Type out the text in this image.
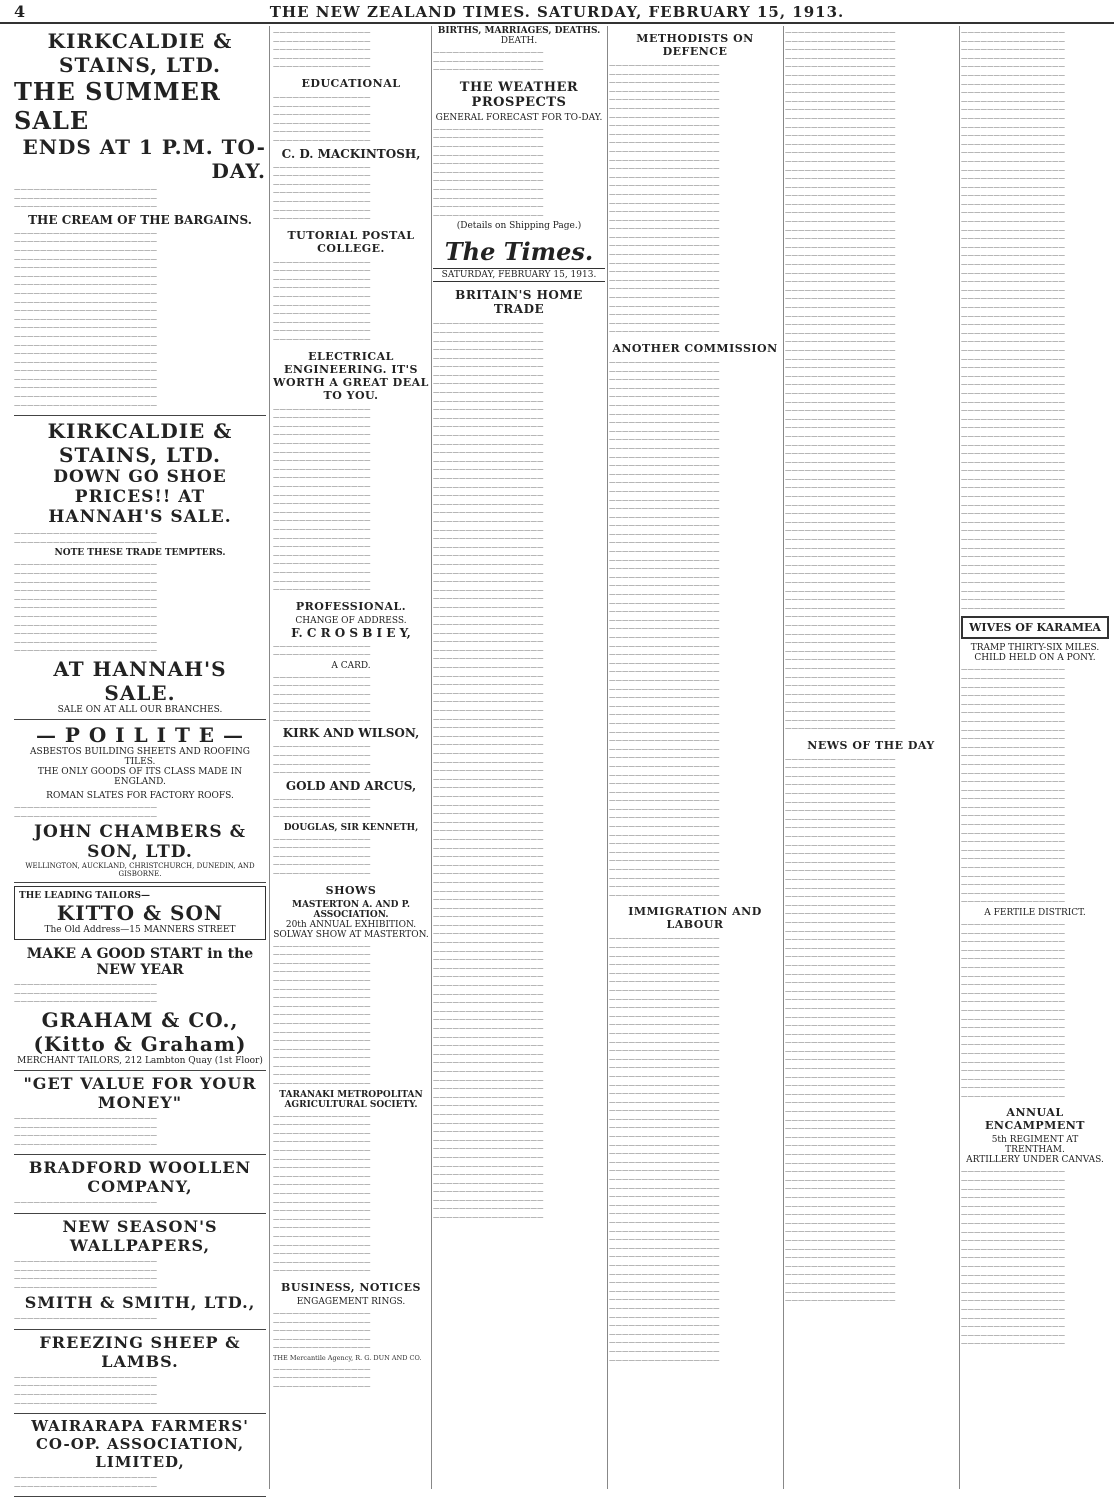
4	THE NEW ZEALAND TIMES. SATURDAY, FEBRUARY 15, 1913.
KIRKCALDIE & STAINS, LTD.
THE SUMMER SALE
ENDS AT 1 P.M. TO-DAY.
——————————————————————
——————————————————————
——————————————————————
THE CREAM OF THE BARGAINS.
——————————————————————
——————————————————————
——————————————————————
——————————————————————
——————————————————————
——————————————————————
——————————————————————
——————————————————————
——————————————————————
——————————————————————
——————————————————————
——————————————————————
——————————————————————
——————————————————————
——————————————————————
——————————————————————
——————————————————————
——————————————————————
——————————————————————
——————————————————————
——————————————————————
KIRKCALDIE & STAINS, LTD.
DOWN GO SHOE PRICES!! AT HANNAH'S SALE.
——————————————————————
——————————————————————
NOTE THESE TRADE TEMPTERS.
——————————————————————
——————————————————————
——————————————————————
——————————————————————
——————————————————————
——————————————————————
——————————————————————
——————————————————————
——————————————————————
——————————————————————
——————————————————————
AT HANNAH'S SALE.
SALE ON AT ALL OUR BRANCHES.
— P O I L I T E —
ASBESTOS BUILDING SHEETS AND ROOFING TILES.
THE ONLY GOODS OF ITS CLASS MADE IN ENGLAND.
ROMAN SLATES FOR FACTORY ROOFS.
——————————————————————
——————————————————————
JOHN CHAMBERS & SON, LTD.
WELLINGTON, AUCKLAND, CHRISTCHURCH, DUNEDIN, AND GISBORNE.
THE LEADING TAILORS—
KITTO & SON
The Old Address—15 MANNERS STREET
MAKE A GOOD START in the NEW YEAR
——————————————————————
——————————————————————
——————————————————————
GRAHAM & CO., (Kitto & Graham)
MERCHANT TAILORS, 212 Lambton Quay (1st Floor)
"GET VALUE FOR YOUR MONEY"
——————————————————————
——————————————————————
——————————————————————
——————————————————————
BRADFORD WOOLLEN COMPANY,
——————————————————————
NEW SEASON'S WALLPAPERS,
——————————————————————
——————————————————————
——————————————————————
——————————————————————
SMITH & SMITH, LTD.,
——————————————————————
FREEZING SHEEP & LAMBS.
——————————————————————
——————————————————————
——————————————————————
——————————————————————
WAIRARAPA FARMERS' CO-OP. ASSOCIATION, LIMITED,
——————————————————————
——————————————————————
———————————————
———————————————
———————————————
———————————————
———————————————
EDUCATIONAL
———————————————
———————————————
———————————————
———————————————
———————————————
———————————————
C. D. MACKINTOSH,
———————————————
———————————————
———————————————
———————————————
———————————————
———————————————
———————————————
TUTORIAL POSTAL COLLEGE.
———————————————
———————————————
———————————————
———————————————
———————————————
———————————————
———————————————
———————————————
———————————————
———————————————
ELECTRICAL ENGINEERING. IT'S WORTH A GREAT DEAL TO YOU.
———————————————
———————————————
———————————————
———————————————
———————————————
———————————————
———————————————
———————————————
———————————————
———————————————
———————————————
———————————————
———————————————
———————————————
———————————————
———————————————
———————————————
———————————————
———————————————
———————————————
———————————————
———————————————
PROFESSIONAL.
CHANGE OF ADDRESS.
F. C R O S B I E Y,
———————————————
———————————————
A CARD.
———————————————
———————————————
———————————————
———————————————
———————————————
———————————————
KIRK AND WILSON,
———————————————
———————————————
———————————————
———————————————
GOLD AND ARCUS,
———————————————
———————————————
———————————————
DOUGLAS, SIR KENNETH,
———————————————
———————————————
———————————————
———————————————
———————————————
SHOWS
MASTERTON A. AND P. ASSOCIATION.
20th ANNUAL EXHIBITION.
SOLWAY SHOW AT MASTERTON.
———————————————
———————————————
———————————————
———————————————
———————————————
———————————————
———————————————
———————————————
———————————————
———————————————
———————————————
———————————————
———————————————
———————————————
———————————————
———————————————
———————————————
TARANAKI METROPOLITAN AGRICULTURAL SOCIETY.
———————————————
———————————————
———————————————
———————————————
———————————————
———————————————
———————————————
———————————————
———————————————
———————————————
———————————————
———————————————
———————————————
———————————————
———————————————
———————————————
———————————————
———————————————
———————————————
BUSINESS, NOTICES
ENGAGEMENT RINGS.
———————————————
———————————————
———————————————
———————————————
———————————————
THE Mercantile Agency, R. G. DUN AND CO.
———————————————
———————————————
———————————————
BIRTHS, MARRIAGES, DEATHS.
DEATH.
—————————————————
—————————————————
—————————————————
THE WEATHER PROSPECTS
GENERAL FORECAST FOR TO-DAY.
—————————————————
—————————————————
—————————————————
—————————————————
—————————————————
—————————————————
—————————————————
—————————————————
—————————————————
—————————————————
—————————————————
(Details on Shipping Page.)
The Times.
SATURDAY, FEBRUARY 15, 1913.
BRITAIN'S HOME TRADE
—————————————————
—————————————————
—————————————————
—————————————————
—————————————————
—————————————————
—————————————————
—————————————————
—————————————————
—————————————————
—————————————————
—————————————————
—————————————————
—————————————————
—————————————————
—————————————————
—————————————————
—————————————————
—————————————————
—————————————————
—————————————————
—————————————————
—————————————————
—————————————————
—————————————————
—————————————————
—————————————————
—————————————————
—————————————————
—————————————————
—————————————————
—————————————————
—————————————————
—————————————————
—————————————————
—————————————————
—————————————————
—————————————————
—————————————————
—————————————————
—————————————————
—————————————————
—————————————————
—————————————————
—————————————————
—————————————————
—————————————————
—————————————————
—————————————————
—————————————————
—————————————————
—————————————————
—————————————————
—————————————————
—————————————————
—————————————————
—————————————————
—————————————————
—————————————————
—————————————————
—————————————————
—————————————————
—————————————————
—————————————————
—————————————————
—————————————————
—————————————————
—————————————————
—————————————————
—————————————————
—————————————————
—————————————————
—————————————————
—————————————————
—————————————————
—————————————————
—————————————————
—————————————————
—————————————————
—————————————————
—————————————————
—————————————————
—————————————————
—————————————————
—————————————————
—————————————————
—————————————————
—————————————————
—————————————————
—————————————————
—————————————————
—————————————————
—————————————————
—————————————————
—————————————————
—————————————————
—————————————————
—————————————————
—————————————————
—————————————————
—————————————————
—————————————————
—————————————————
—————————————————
—————————————————
METHODISTS ON DEFENCE
—————————————————
—————————————————
—————————————————
—————————————————
—————————————————
—————————————————
—————————————————
—————————————————
—————————————————
—————————————————
—————————————————
—————————————————
—————————————————
—————————————————
—————————————————
—————————————————
—————————————————
—————————————————
—————————————————
—————————————————
—————————————————
—————————————————
—————————————————
—————————————————
—————————————————
—————————————————
—————————————————
—————————————————
—————————————————
—————————————————
—————————————————
—————————————————
ANOTHER COMMISSION
—————————————————
—————————————————
—————————————————
—————————————————
—————————————————
—————————————————
—————————————————
—————————————————
—————————————————
—————————————————
—————————————————
—————————————————
—————————————————
—————————————————
—————————————————
—————————————————
—————————————————
—————————————————
—————————————————
—————————————————
—————————————————
—————————————————
—————————————————
—————————————————
—————————————————
—————————————————
—————————————————
—————————————————
—————————————————
—————————————————
—————————————————
—————————————————
—————————————————
—————————————————
—————————————————
—————————————————
—————————————————
—————————————————
—————————————————
—————————————————
—————————————————
—————————————————
—————————————————
—————————————————
—————————————————
—————————————————
—————————————————
—————————————————
—————————————————
—————————————————
—————————————————
—————————————————
—————————————————
—————————————————
—————————————————
—————————————————
—————————————————
—————————————————
—————————————————
—————————————————
—————————————————
—————————————————
—————————————————
IMMIGRATION AND LABOUR
—————————————————
—————————————————
—————————————————
—————————————————
—————————————————
—————————————————
—————————————————
—————————————————
—————————————————
—————————————————
—————————————————
—————————————————
—————————————————
—————————————————
—————————————————
—————————————————
—————————————————
—————————————————
—————————————————
—————————————————
—————————————————
—————————————————
—————————————————
—————————————————
—————————————————
—————————————————
—————————————————
—————————————————
—————————————————
—————————————————
—————————————————
—————————————————
—————————————————
—————————————————
—————————————————
—————————————————
—————————————————
—————————————————
—————————————————
—————————————————
—————————————————
—————————————————
—————————————————
—————————————————
—————————————————
—————————————————
—————————————————
—————————————————
—————————————————
—————————————————
—————————————————
—————————————————
—————————————————
—————————————————
—————————————————
—————————————————
—————————————————
—————————————————
—————————————————
—————————————————
—————————————————
—————————————————
—————————————————
—————————————————
—————————————————
—————————————————
—————————————————
—————————————————
—————————————————
—————————————————
—————————————————
—————————————————
—————————————————
—————————————————
—————————————————
—————————————————
—————————————————
—————————————————
—————————————————
—————————————————
—————————————————
—————————————————
—————————————————
—————————————————
—————————————————
—————————————————
—————————————————
—————————————————
—————————————————
—————————————————
—————————————————
—————————————————
—————————————————
—————————————————
—————————————————
—————————————————
—————————————————
—————————————————
—————————————————
—————————————————
—————————————————
—————————————————
—————————————————
—————————————————
—————————————————
—————————————————
—————————————————
—————————————————
—————————————————
—————————————————
—————————————————
—————————————————
—————————————————
—————————————————
—————————————————
—————————————————
—————————————————
—————————————————
—————————————————
—————————————————
—————————————————
—————————————————
—————————————————
—————————————————
—————————————————
—————————————————
—————————————————
—————————————————
—————————————————
—————————————————
—————————————————
—————————————————
NEWS OF THE DAY
—————————————————
—————————————————
—————————————————
—————————————————
—————————————————
—————————————————
—————————————————
—————————————————
—————————————————
—————————————————
—————————————————
—————————————————
—————————————————
—————————————————
—————————————————
—————————————————
—————————————————
—————————————————
—————————————————
—————————————————
—————————————————
—————————————————
—————————————————
—————————————————
—————————————————
—————————————————
—————————————————
—————————————————
—————————————————
—————————————————
—————————————————
—————————————————
—————————————————
—————————————————
—————————————————
—————————————————
—————————————————
—————————————————
—————————————————
—————————————————
—————————————————
—————————————————
—————————————————
—————————————————
—————————————————
—————————————————
—————————————————
—————————————————
—————————————————
—————————————————
—————————————————
—————————————————
—————————————————
—————————————————
—————————————————
—————————————————
—————————————————
—————————————————
—————————————————
—————————————————
—————————————————
—————————————————
—————————————————
—————————————————
————————————————
————————————————
————————————————
————————————————
————————————————
————————————————
————————————————
————————————————
————————————————
————————————————
————————————————
————————————————
————————————————
————————————————
————————————————
————————————————
————————————————
————————————————
————————————————
————————————————
————————————————
————————————————
————————————————
————————————————
————————————————
————————————————
————————————————
————————————————
————————————————
————————————————
————————————————
————————————————
————————————————
————————————————
————————————————
————————————————
————————————————
————————————————
————————————————
————————————————
————————————————
————————————————
————————————————
————————————————
————————————————
————————————————
————————————————
————————————————
————————————————
————————————————
————————————————
————————————————
————————————————
————————————————
————————————————
————————————————
————————————————
————————————————
————————————————
————————————————
————————————————
————————————————
————————————————
————————————————
————————————————
————————————————
————————————————
————————————————
WIVES OF KARAMEA
TRAMP THIRTY-SIX MILES.
CHILD HELD ON A PONY.
————————————————
————————————————
————————————————
————————————————
————————————————
————————————————
————————————————
————————————————
————————————————
————————————————
————————————————
————————————————
————————————————
————————————————
————————————————
————————————————
————————————————
————————————————
————————————————
————————————————
————————————————
————————————————
————————————————
————————————————
————————————————
————————————————
————————————————
————————————————
A FERTILE DISTRICT.
————————————————
————————————————
————————————————
————————————————
————————————————
————————————————
————————————————
————————————————
————————————————
————————————————
————————————————
————————————————
————————————————
————————————————
————————————————
————————————————
————————————————
————————————————
————————————————
————————————————
————————————————
ANNUAL ENCAMPMENT
5th REGIMENT AT TRENTHAM.
ARTILLERY UNDER CANVAS.
————————————————
————————————————
————————————————
————————————————
————————————————
————————————————
————————————————
————————————————
————————————————
————————————————
————————————————
————————————————
————————————————
————————————————
————————————————
————————————————
————————————————
————————————————
————————————————
————————————————
————————————————
